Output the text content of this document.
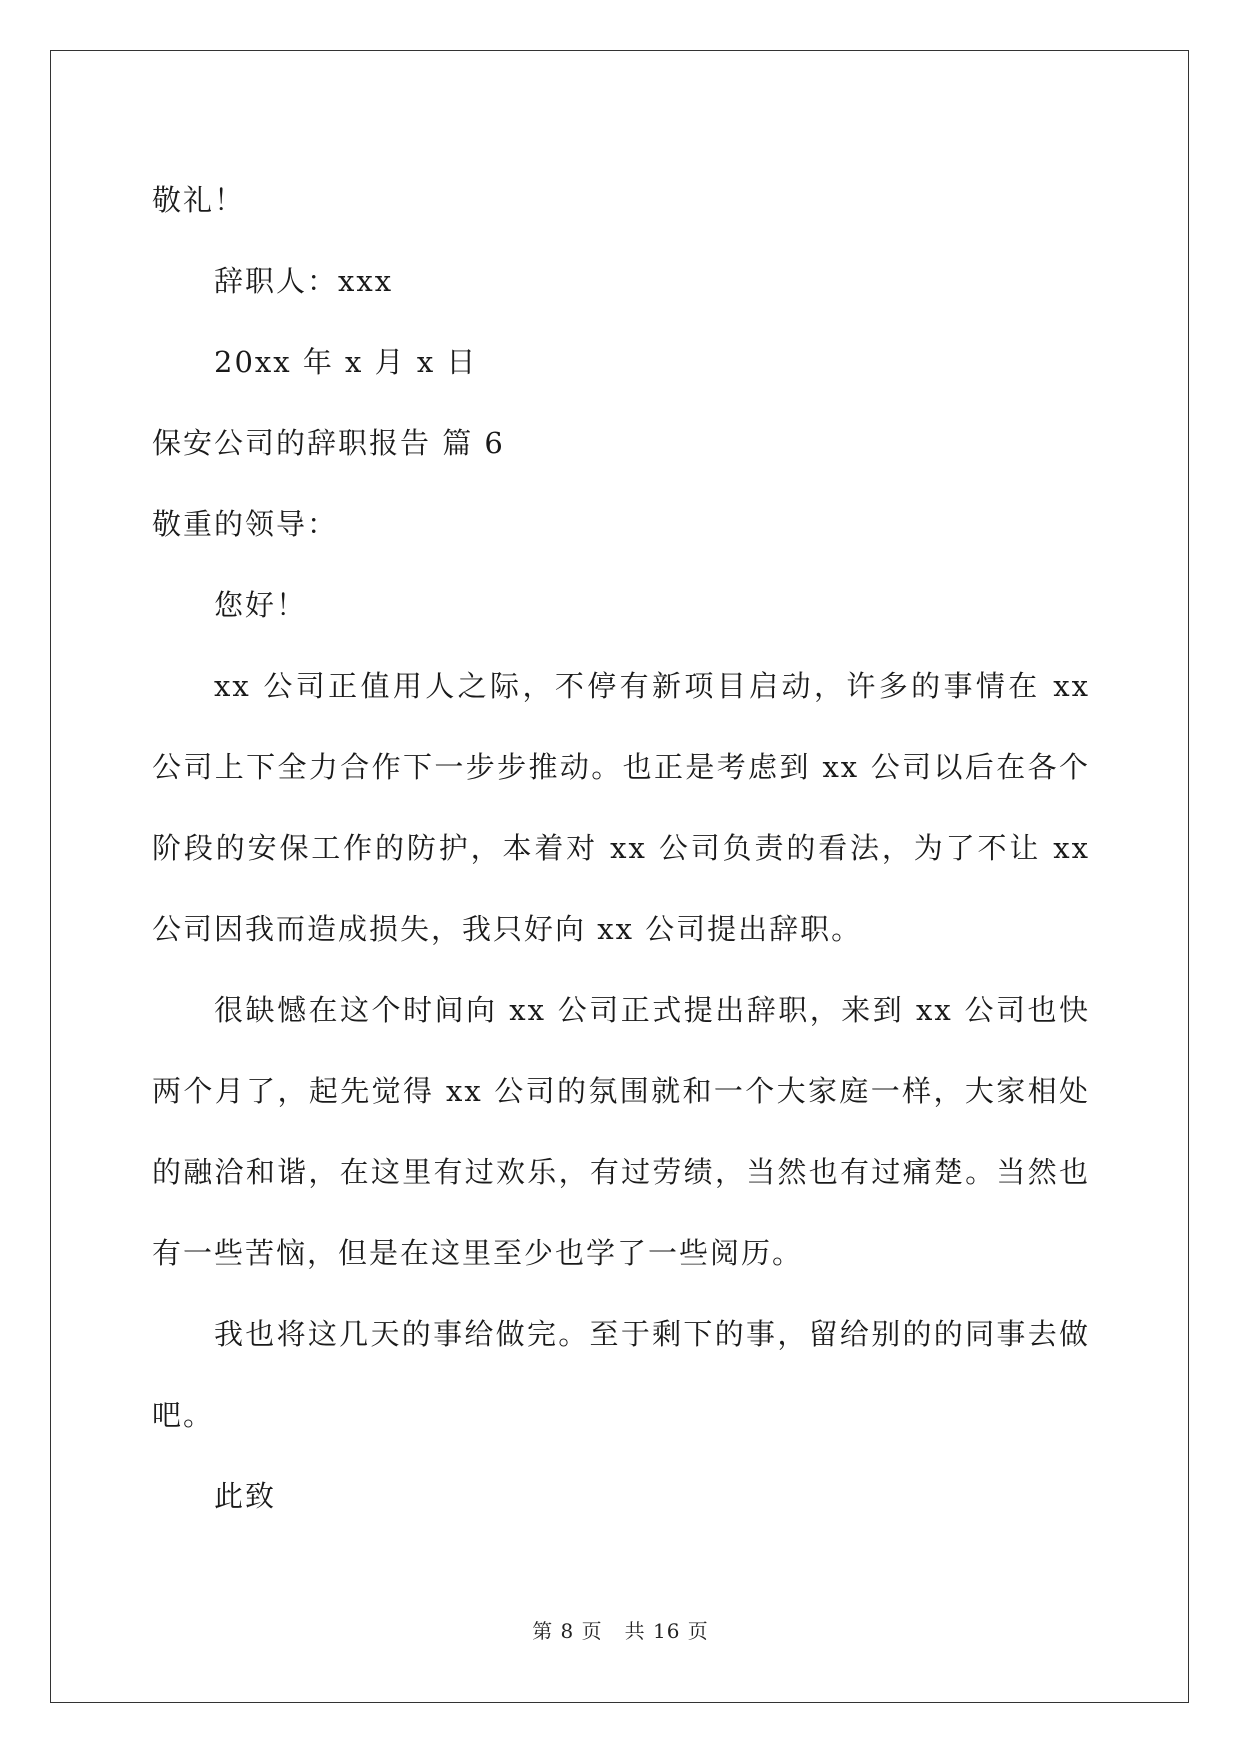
敬礼！

辞职人：xxx

20xx 年 x 月 x 日

保安公司的辞职报告 篇 6

敬重的领导：

您好！

xx 公司正值用人之际，不停有新项目启动，许多的事情在 xx 公司上下全力合作下一步步推动。也正是考虑到 xx 公司以后在各个阶段的安保工作的防护，本着对 xx 公司负责的看法，为了不让 xx 公司因我而造成损失，我只好向 xx 公司提出辞职。

很缺憾在这个时间向 xx 公司正式提出辞职，来到 xx 公司也快两个月了，起先觉得 xx 公司的氛围就和一个大家庭一样，大家相处的融洽和谐，在这里有过欢乐，有过劳绩，当然也有过痛楚。当然也有一些苦恼，但是在这里至少也学了一些阅历。

我也将这几天的事给做完。至于剩下的事，留给别的的同事去做吧。

此致

第 8 页 共 16 页
